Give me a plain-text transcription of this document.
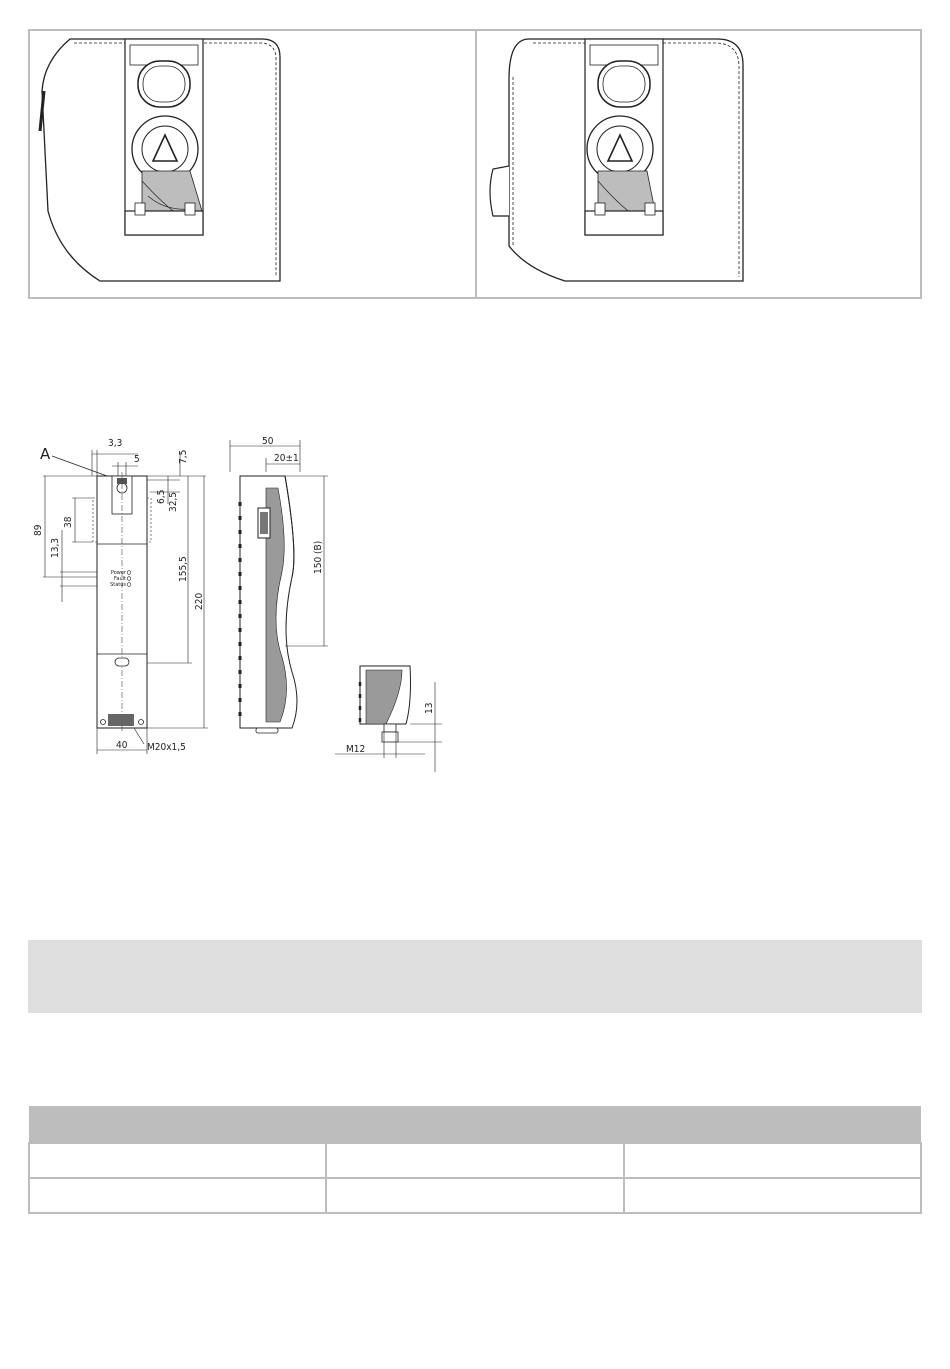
A
Power
Fault
Status
3,3
5	7,5
6,5 32,5
89
38
13,3
155,5
220
40 M20x1,5
50
20±1
150 (B)
13
M12
